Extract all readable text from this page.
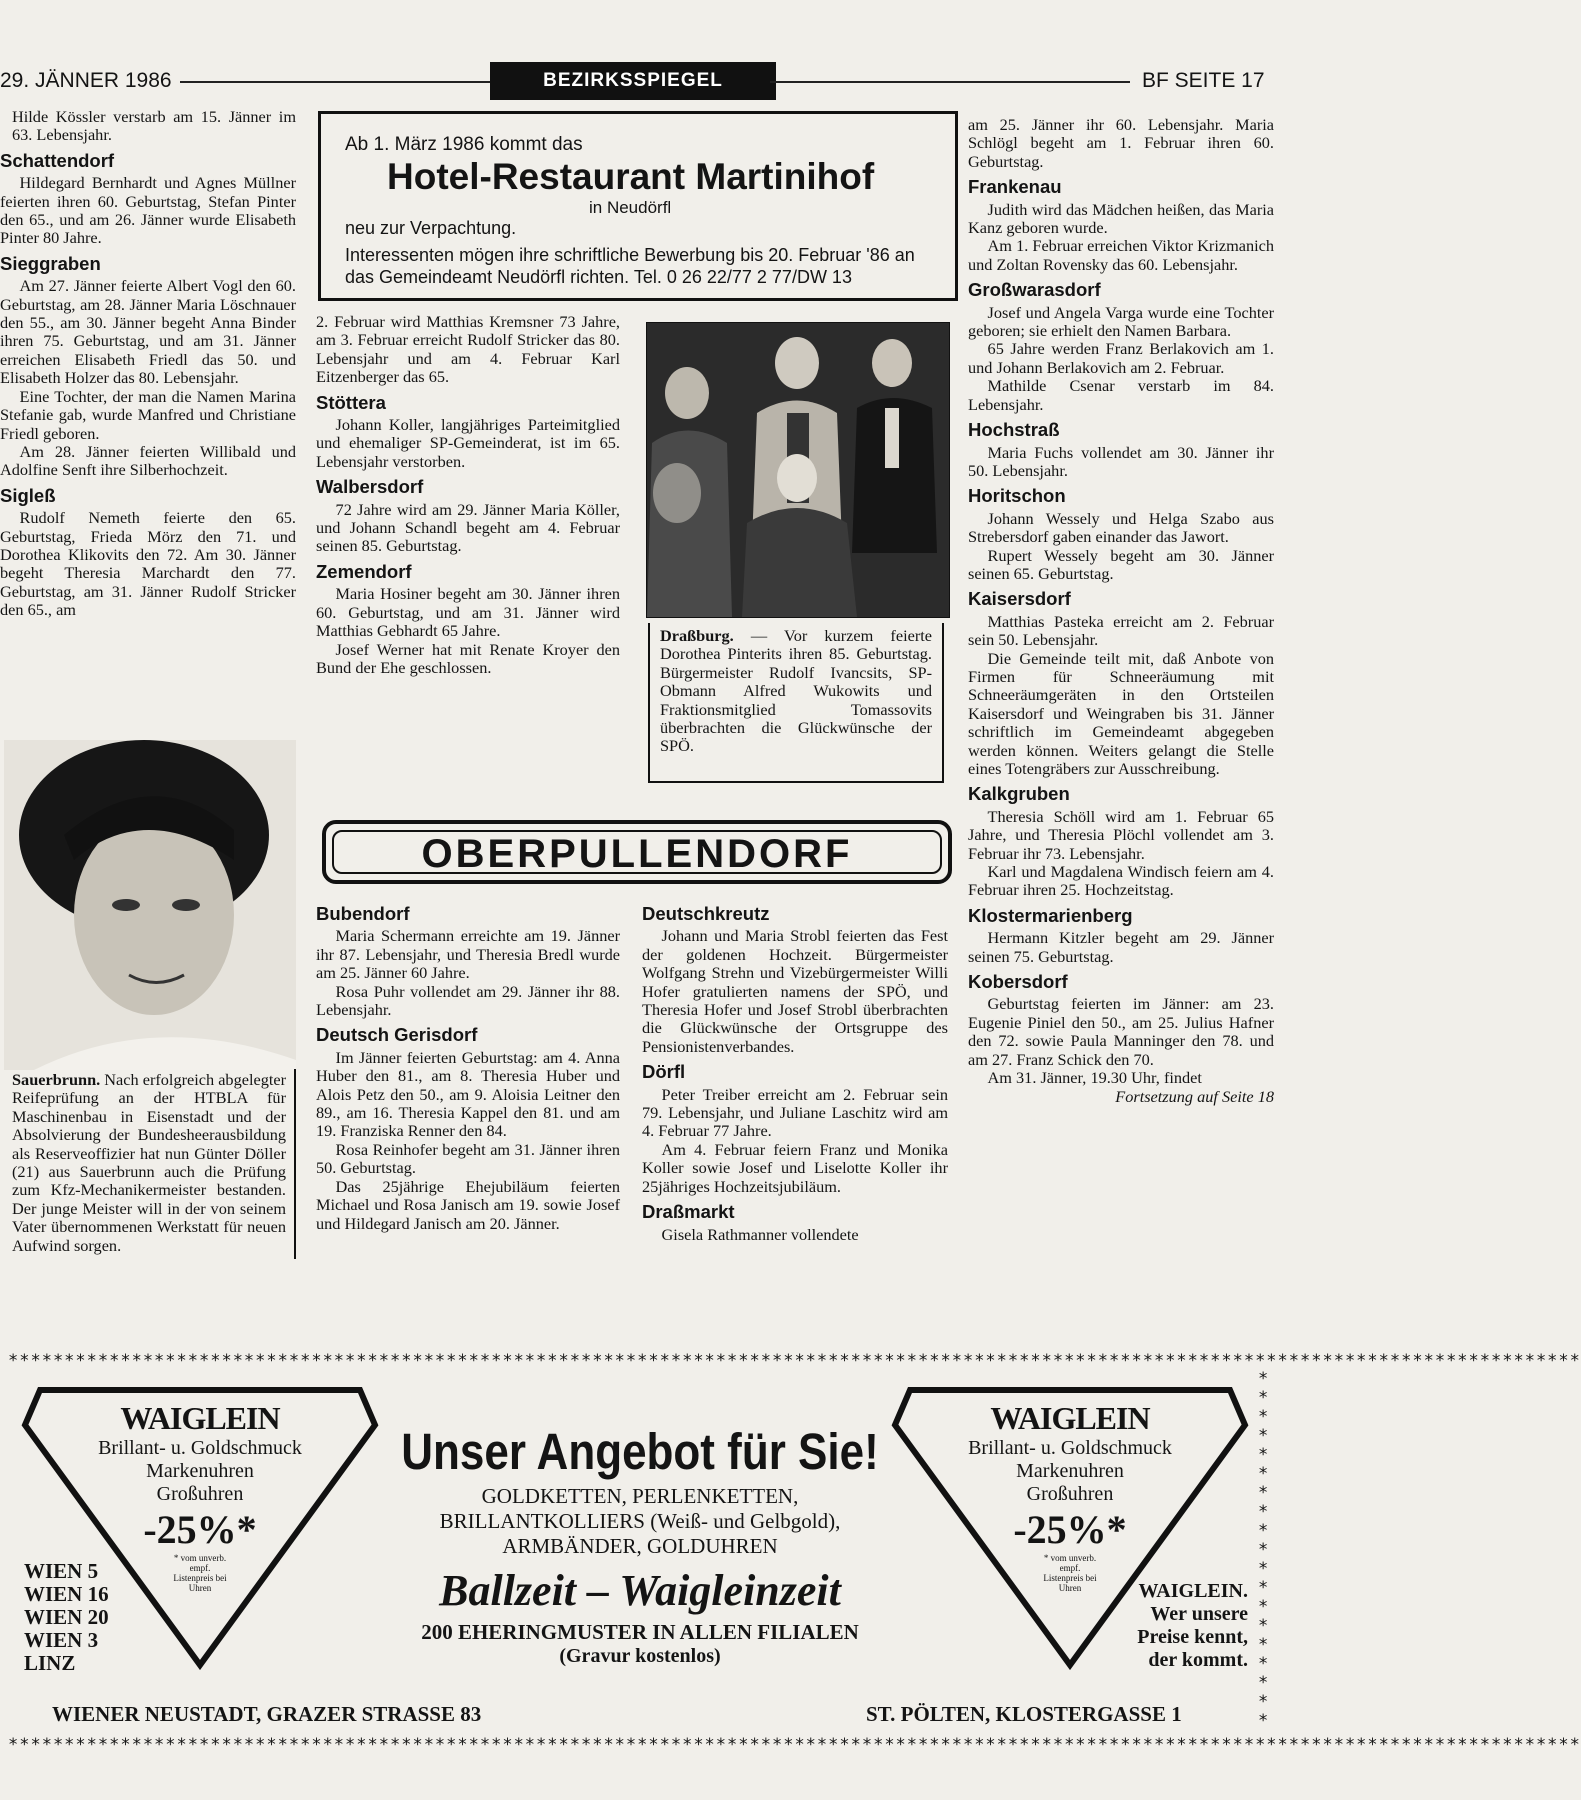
29. JÄNNER 1986	BEZIRKSSPIEGEL	BF SEITE 17

Hilde Kössler verstarb am 15. Jänner im 63. Lebensjahr.

Schattendorf

Hildegard Bernhardt und Agnes Müllner feierten ihren 60. Geburtstag, Stefan Pinter den 65., und am 26. Jänner wurde Elisabeth Pinter 80 Jahre.

Sieggraben

Am 27. Jänner feierte Albert Vogl den 60. Geburtstag, am 28. Jänner Maria Löschnauer den 55., am 30. Jänner begeht Anna Binder ihren 75. Geburtstag, und am 31. Jänner erreichen Elisabeth Friedl das 50. und Elisabeth Holzer das 80. Lebensjahr.

Eine Tochter, der man die Namen Marina Stefanie gab, wurde Manfred und Christiane Friedl geboren.

Am 28. Jänner feierten Willibald und Adolfine Senft ihre Silberhochzeit.

Sigleß

Rudolf Nemeth feierte den 65. Geburtstag, Frieda Mörz den 71. und Dorothea Klikovits den 72. Am 30. Jänner begeht Theresia Marchardt den 77. Geburtstag, am 31. Jänner Rudolf Stricker den 65., am

Ab 1. März 1986 kommt das
Hotel-Restaurant Martinihof
in Neudörfl
neu zur Verpachtung.
Interessenten mögen ihre schriftliche Bewerbung bis 20. Februar '86 an das Gemeindeamt Neudörfl richten. Tel. 0 26 22/77 2 77/DW 13

2. Februar wird Matthias Kremsner 73 Jahre, am 3. Februar erreicht Rudolf Stricker das 80. Lebensjahr und am 4. Februar Karl Eitzenberger das 65.

Stöttera

Johann Koller, langjähriges Parteimitglied und ehemaliger SP-Gemeinderat, ist im 65. Lebensjahr verstorben.

Walbersdorf

72 Jahre wird am 29. Jänner Maria Köller, und Johann Schandl begeht am 4. Februar seinen 85. Geburtstag.

Zemendorf

Maria Hosiner begeht am 30. Jänner ihren 60. Geburtstag, und am 31. Jänner wird Matthias Gebhardt 65 Jahre.

Josef Werner hat mit Renate Kroyer den Bund der Ehe geschlossen.

Draßburg. — Vor kurzem feierte Dorothea Pinterits ihren 85. Geburtstag. Bürgermeister Rudolf Ivancsits, SP-Obmann Alfred Wukowits und Fraktionsmitglied Tomassovits überbrachten die Glückwünsche der SPÖ.
Sauerbrunn. Nach erfolgreich abgelegter Reifeprüfung an der HTBLA für Maschinenbau in Eisenstadt und der Absolvierung der Bundesheerausbildung als Reserveoffizier hat nun Günter Döller (21) aus Sauerbrunn auch die Prüfung zum Kfz-Mechanikermeister bestanden. Der junge Meister will in der von seinem Vater übernommenen Werkstatt für neuen Aufwind sorgen.
OBERPULLENDORF
Bubendorf

Maria Schermann erreichte am 19. Jänner ihr 87. Lebensjahr, und Theresia Bredl wurde am 25. Jänner 60 Jahre.

Rosa Puhr vollendet am 29. Jänner ihr 88. Lebensjahr.

Deutsch Gerisdorf

Im Jänner feierten Geburtstag: am 4. Anna Huber den 81., am 8. Theresia Huber und Alois Petz den 50., am 9. Aloisia Leitner den 89., am 16. Theresia Kappel den 81. und am 19. Franziska Renner den 84.

Rosa Reinhofer begeht am 31. Jänner ihren 50. Geburtstag.

Das 25jährige Ehejubiläum feierten Michael und Rosa Janisch am 19. sowie Josef und Hildegard Janisch am 20. Jänner.

Deutschkreutz

Johann und Maria Strobl feierten das Fest der goldenen Hochzeit. Bürgermeister Wolfgang Strehn und Vizebürgermeister Willi Hofer gratulierten namens der SPÖ, und Theresia Hofer und Josef Strobl überbrachten die Glückwünsche der Ortsgruppe des Pensionistenverbandes.

Dörfl

Peter Treiber erreicht am 2. Februar sein 79. Lebensjahr, und Juliane Laschitz wird am 4. Februar 77 Jahre.

Am 4. Februar feiern Franz und Monika Koller sowie Josef und Liselotte Koller ihr 25jähriges Hochzeitsjubiläum.

Draßmarkt

Gisela Rathmanner vollendete

am 25. Jänner ihr 60. Lebensjahr. Maria Schlögl begeht am 1. Februar ihren 60. Geburtstag.

Frankenau

Judith wird das Mädchen heißen, das Maria Kanz geboren wurde.

Am 1. Februar erreichen Viktor Krizmanich und Zoltan Rovensky das 60. Lebensjahr.

Großwarasdorf

Josef und Angela Varga wurde eine Tochter geboren; sie erhielt den Namen Barbara.

65 Jahre werden Franz Berlakovich am 1. und Johann Berlakovich am 2. Februar.

Mathilde Csenar verstarb im 84. Lebensjahr.

Hochstraß

Maria Fuchs vollendet am 30. Jänner ihr 50. Lebensjahr.

Horitschon

Johann Wessely und Helga Szabo aus Strebersdorf gaben einander das Jawort.

Rupert Wessely begeht am 30. Jänner seinen 65. Geburtstag.

Kaisersdorf

Matthias Pasteka erreicht am 2. Februar sein 50. Lebensjahr.

Die Gemeinde teilt mit, daß Anbote von Firmen für Schneeräumung mit Schneeräumgeräten in den Ortsteilen Kaisersdorf und Weingraben bis 31. Jänner schriftlich im Gemeindeamt abgegeben werden können. Weiters gelangt die Stelle eines Totengräbers zur Ausschreibung.

Kalkgruben

Theresia Schöll wird am 1. Februar 65 Jahre, und Theresia Plöchl vollendet am 3. Februar ihr 73. Lebensjahr.

Karl und Magdalena Windisch feiern am 4. Februar ihren 25. Hochzeitstag.

Klostermarienberg

Hermann Kitzler begeht am 29. Jänner seinen 75. Geburtstag.

Kobersdorf

Geburtstag feierten im Jänner: am 23. Eugenie Piniel den 50., am 25. Julius Hafner den 72. sowie Paula Manninger den 78. und am 27. Franz Schick den 70.

Am 31. Jänner, 19.30 Uhr, findet

Fortsetzung auf Seite 18
********************************************************************************************************************************************
********************************************************************************************************************************************
* * * * * * * * * * * * * * * * * * *
WAIGLEIN
Brillant- u. Goldschmuck
Markenuhren
Großuhren
-25%*
* vom unverb. empf. Listenpreis bei Uhren
WIEN 5
WIEN 16
WIEN 20
WIEN 3
LINZ
Unser Angebot für Sie!
GOLDKETTEN, PERLENKETTEN,
BRILLANTKOLLIERS (Weiß- und Gelbgold),
ARMBÄNDER, GOLDUHREN
Ballzeit – Waigleinzeit
200 EHERINGMUSTER IN ALLEN FILIALEN
(Gravur kostenlos)
WAIGLEIN
Brillant- u. Goldschmuck
Markenuhren
Großuhren
-25%*
* vom unverb. empf. Listenpreis bei Uhren	WAIGLEIN.
Wer unsere
Preise kennt,
der kommt.
WIENER NEUSTADT, GRAZER STRASSE 83	ST. PÖLTEN, KLOSTERGASSE 1
